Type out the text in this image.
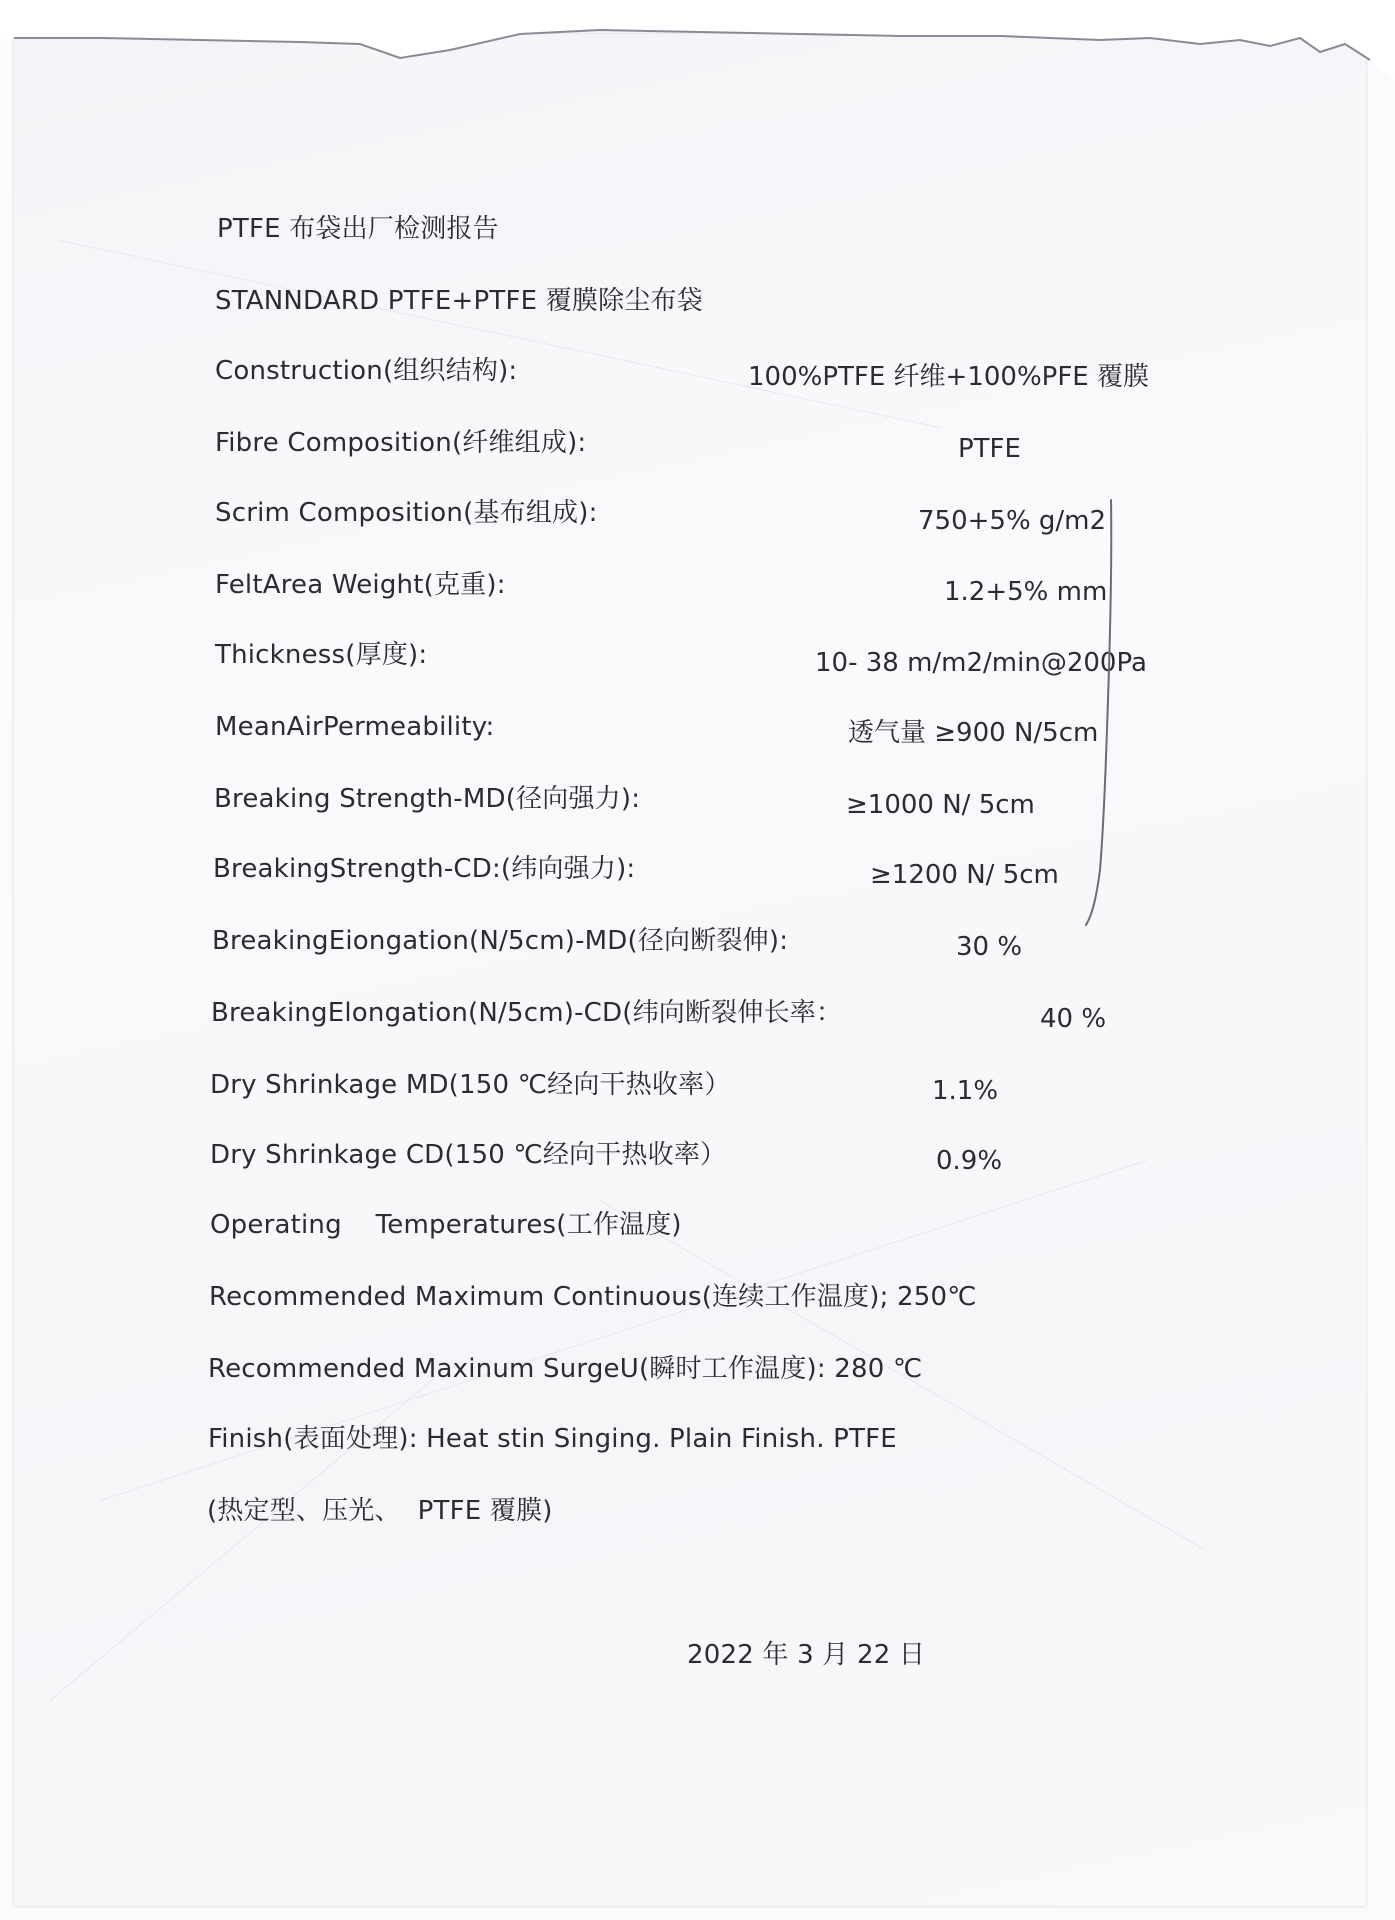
PTFE 布袋出厂检测报告
STANNDARD PTFE+PTFE 覆膜除尘布袋
Construction(组织结构):	100%PTFE 纤维+100%PFE 覆膜
Fibre Composition(纤维组成):	PTFE
Scrim Composition(基布组成):	750+5% g/m2
FeltArea Weight(克重):	1.2+5% mm
Thickness(厚度):	10- 38 m/m2/min@200Pa
MeanAirPermeability:	透气量 ≥900 N/5cm
Breaking Strength-MD(径向强力):	≥1000 N/ 5cm
BreakingStrength-CD:(纬向强力):	≥1200 N/ 5cm
BreakingEiongation(N/5cm)-MD(径向断裂伸):	30 %
BreakingElongation(N/5cm)-CD(纬向断裂伸长率：	40 %
Dry Shrinkage MD(150 ℃经向干热收率）	1.1%
Dry Shrinkage CD(150 ℃经向干热收率）	0.9%
Operating    Temperatures(工作温度)
Recommended Maximum Continuous(连续工作温度); 250℃
Recommended Maxinum SurgeU(瞬时工作温度): 280 ℃
Finish(表面处理): Heat stin Singing. Plain Finish. PTFE
(热定型、压光、  PTFE 覆膜)
2022 年 3 月 22 日
